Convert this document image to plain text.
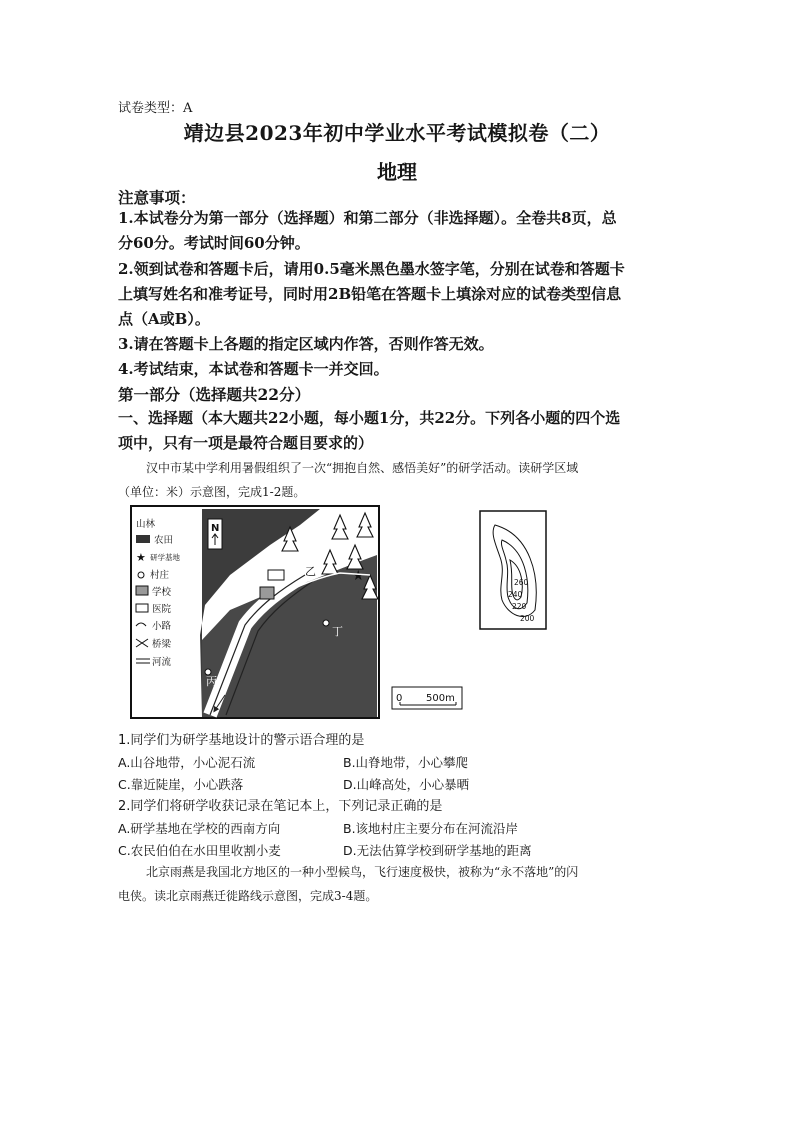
试卷类型：A
靖边县2023年初中学业水平考试模拟卷（二）
地理
注意事项：
1.本试卷分为第一部分（选择题）和第二部分（非选择题）。全卷共8页，总
分60分。考试时间60分钟。
2.领到试卷和答题卡后，请用0.5毫米黑色墨水签字笔，分别在试卷和答题卡
上填写姓名和准考证号，同时用2B铅笔在答题卡上填涂对应的试卷类型信息
点（A或B）。
3.请在答题卡上各题的指定区域内作答，否则作答无效。
4.考试结束，本试卷和答题卡一并交回。
第一部分（选择题共22分）
一、选择题（本大题共22小题，每小题1分，共22分。下列各小题的四个选
项中，只有一项是最符合题目要求的）
汉中市某中学利用暑假组织了一次“拥抱自然、感悟美好”的研学活动。读研学区域
（单位：米）示意图，完成1-2题。
山林
农田
★ 研学基地
村庄
学校
医院
小路
桥梁
河流
N
乙
丁
丙
★
0 500m
260
240
220
200
1.同学们为研学基地设计的警示语合理的是
A.山谷地带，小心泥石流	B.山脊地带，小心攀爬
C.靠近陡崖，小心跌落	D.山峰高处，小心暴晒
2.同学们将研学收获记录在笔记本上，下列记录正确的是
A.研学基地在学校的西南方向	B.该地村庄主要分布在河流沿岸
C.农民伯伯在水田里收割小麦	D.无法估算学校到研学基地的距离
北京雨燕是我国北方地区的一种小型候鸟，飞行速度极快，被称为“永不落地”的闪
电侠。读北京雨燕迁徙路线示意图，完成3-4题。
